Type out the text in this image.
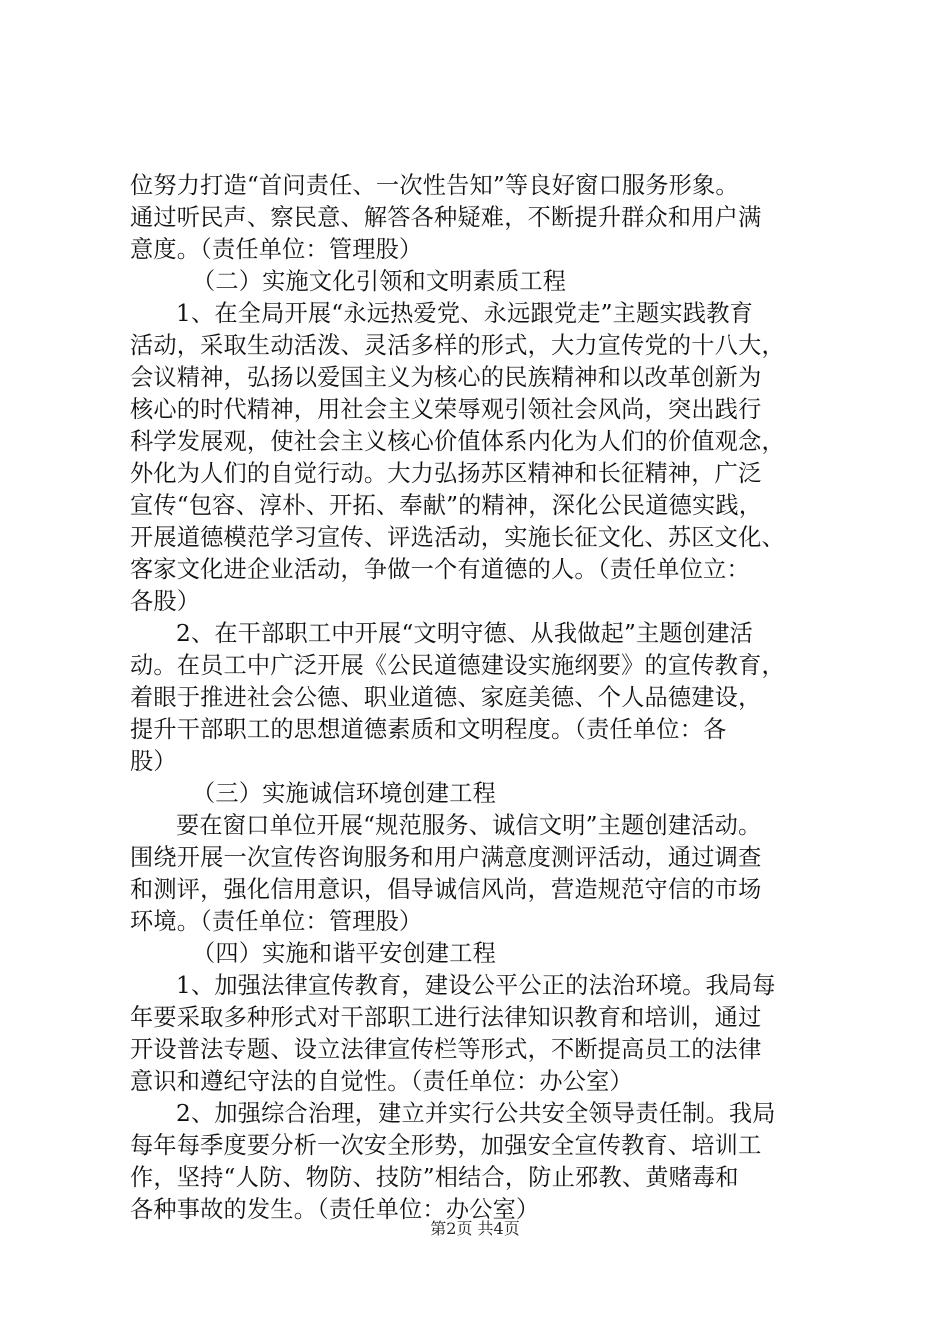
位努力打造“首问责任、一次性告知”等良好窗口服务形象。
通过听民声、察民意、解答各种疑难，不断提升群众和用户满
意度。（责任单位：管理股）
（二）实施文化引领和文明素质工程
1、在全局开展“永远热爱党、永远跟党走”主题实践教育
活动，采取生动活泼、灵活多样的形式，大力宣传党的十八大，
会议精神，弘扬以爱国主义为核心的民族精神和以改革创新为
核心的时代精神，用社会主义荣辱观引领社会风尚，突出践行
科学发展观，使社会主义核心价值体系内化为人们的价值观念，
外化为人们的自觉行动。大力弘扬苏区精神和长征精神，广泛
宣传“包容、淳朴、开拓、奉献”的精神，深化公民道德实践，
开展道德模范学习宣传、评选活动，实施长征文化、苏区文化、
客家文化进企业活动，争做一个有道德的人。（责任单位立：
各股）
2、在干部职工中开展“文明守德、从我做起”主题创建活
动。在员工中广泛开展《公民道德建设实施纲要》的宣传教育，
着眼于推进社会公德、职业道德、家庭美德、个人品德建设，
提升干部职工的思想道德素质和文明程度。（责任单位：各
股）
（三）实施诚信环境创建工程
要在窗口单位开展“规范服务、诚信文明”主题创建活动。
围绕开展一次宣传咨询服务和用户满意度测评活动，通过调查
和测评，强化信用意识，倡导诚信风尚，营造规范守信的市场
环境。（责任单位：管理股）
（四）实施和谐平安创建工程
1、加强法律宣传教育，建设公平公正的法治环境。我局每
年要采取多种形式对干部职工进行法律知识教育和培训，通过
开设普法专题、设立法律宣传栏等形式，不断提高员工的法律
意识和遵纪守法的自觉性。（责任单位：办公室）
2、加强综合治理，建立并实行公共安全领导责任制。我局
每年每季度要分析一次安全形势，加强安全宣传教育、培训工
作，坚持“人防、物防、技防”相结合，防止邪教、黄赌毒和
各种事故的发生。（责任单位：办公室）
第2页 共4页
